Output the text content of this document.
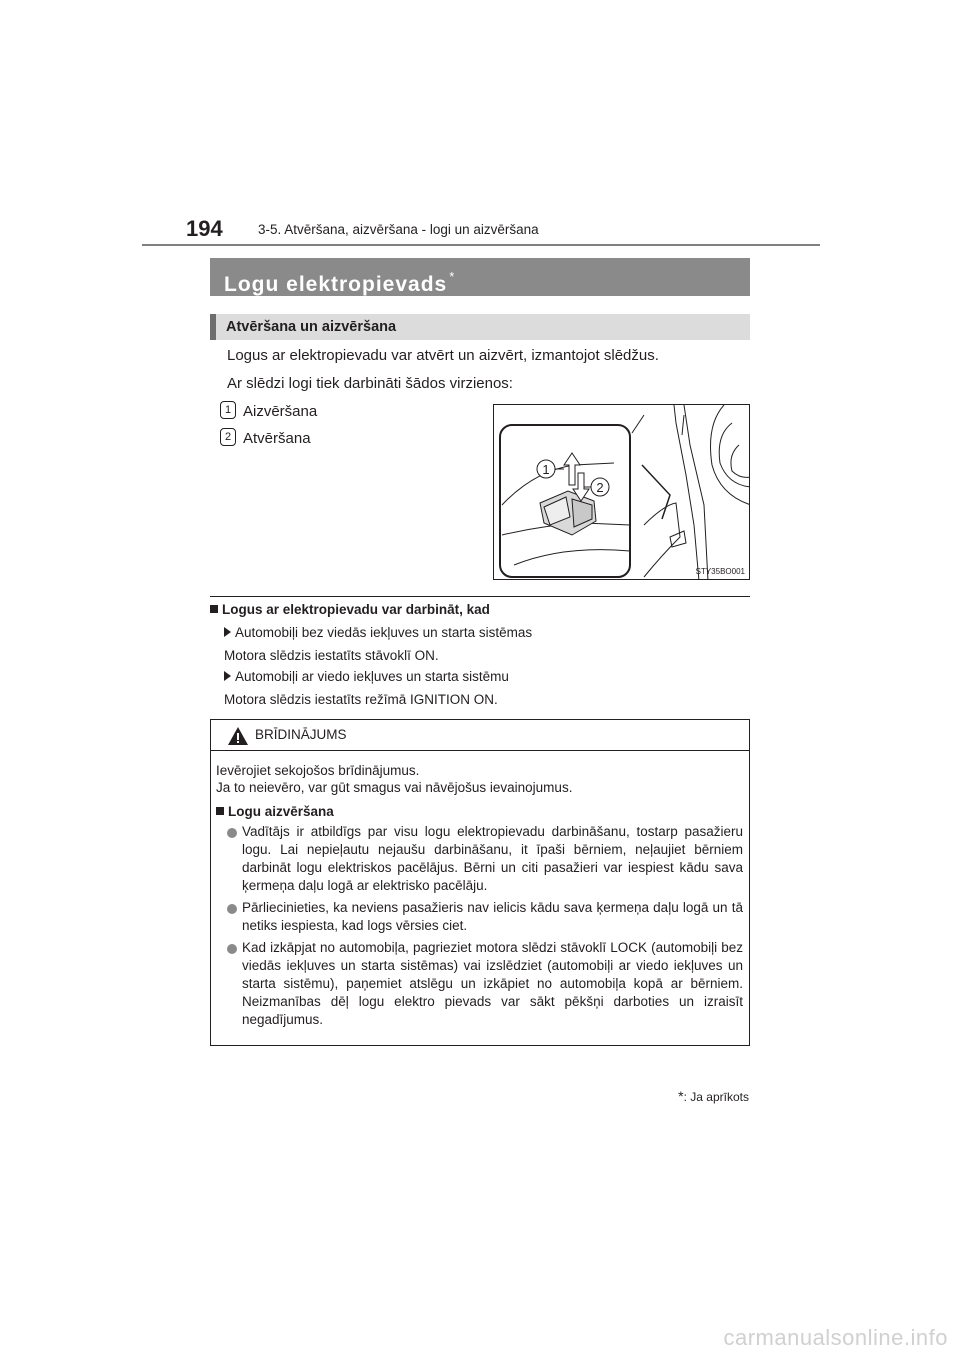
194	3-5. Atvēršana, aizvēršana - logi un aizvēršana
Logu elektropievads *
Atvēršana un aizvēršana
Logus ar elektropievadu var atvērt un aizvērt, izmantojot slēdžus.
Ar slēdzi logi tiek darbināti šādos virzienos:
1 Aizvēršana
2 Atvēršana
1
2
STY35BO001
Logus ar elektropievadu var darbināt, kad
Automobiļi bez viedās iekļuves un starta sistēmas
Motora slēdzis iestatīts stāvoklī ON.
Automobiļi ar viedo iekļuves un starta sistēmu
Motora slēdzis iestatīts režīmā IGNITION ON.
BRĪDINĀJUMS
Ievērojiet sekojošos brīdinājumus.
Ja to neievēro, var gūt smagus vai nāvējošus ievainojumus.
Logu aizvēršana
Vadītājs ir atbildīgs par visu logu elektropievadu darbināšanu, tostarp pasažieru logu. Lai nepieļautu nejaušu darbināšanu, it īpaši bērniem, neļaujiet bērniem darbināt logu elektriskos pacēlājus. Bērni un citi pasažieri var iespiest kādu sava ķermeņa daļu logā ar elektrisko pacēlāju.
Pārliecinieties, ka neviens pasažieris nav ielicis kādu sava ķermeņa daļu logā un tā netiks iespiesta, kad logs vērsies ciet.
Kad izkāpjat no automobiļa, pagrieziet motora slēdzi stāvoklī LOCK (automobiļi bez viedās iekļuves un starta sistēmas) vai izslēdziet (automobiļi ar viedo iekļuves un starta sistēmu), paņemiet atslēgu un izkāpiet no automobiļa kopā ar bērniem. Neizmanības dēļ logu elektro pievads var sākt pēkšņi darboties un izraisīt negadījumus.
*: Ja aprīkots
carmanualsonline.info
